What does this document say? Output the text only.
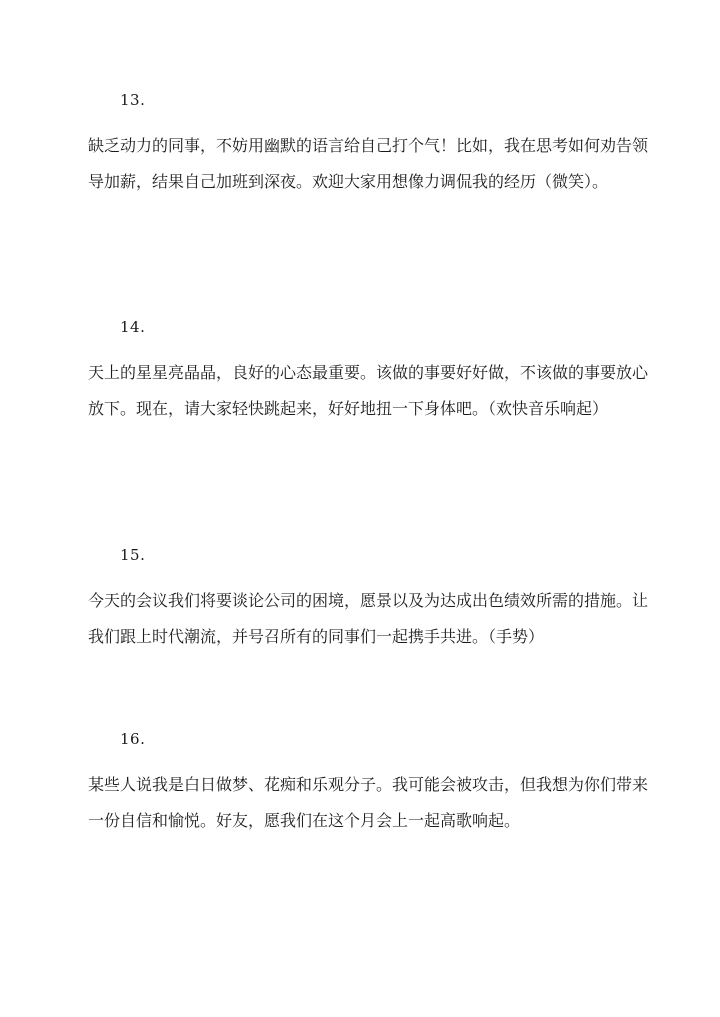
13.
缺乏动力的同事，不妨用幽默的语言给自己打个气！比如，我在思考如何劝告领导加薪，结果自己加班到深夜。欢迎大家用想像力调侃我的经历（微笑）。
14.
天上的星星亮晶晶，良好的心态最重要。该做的事要好好做，不该做的事要放心放下。现在，请大家轻快跳起来，好好地扭一下身体吧。（欢快音乐响起）
15.
今天的会议我们将要谈论公司的困境，愿景以及为达成出色绩效所需的措施。让我们跟上时代潮流，并号召所有的同事们一起携手共进。（手势）
16.
某些人说我是白日做梦、花痴和乐观分子。我可能会被攻击，但我想为你们带来一份自信和愉悦。好友，愿我们在这个月会上一起高歌响起。
